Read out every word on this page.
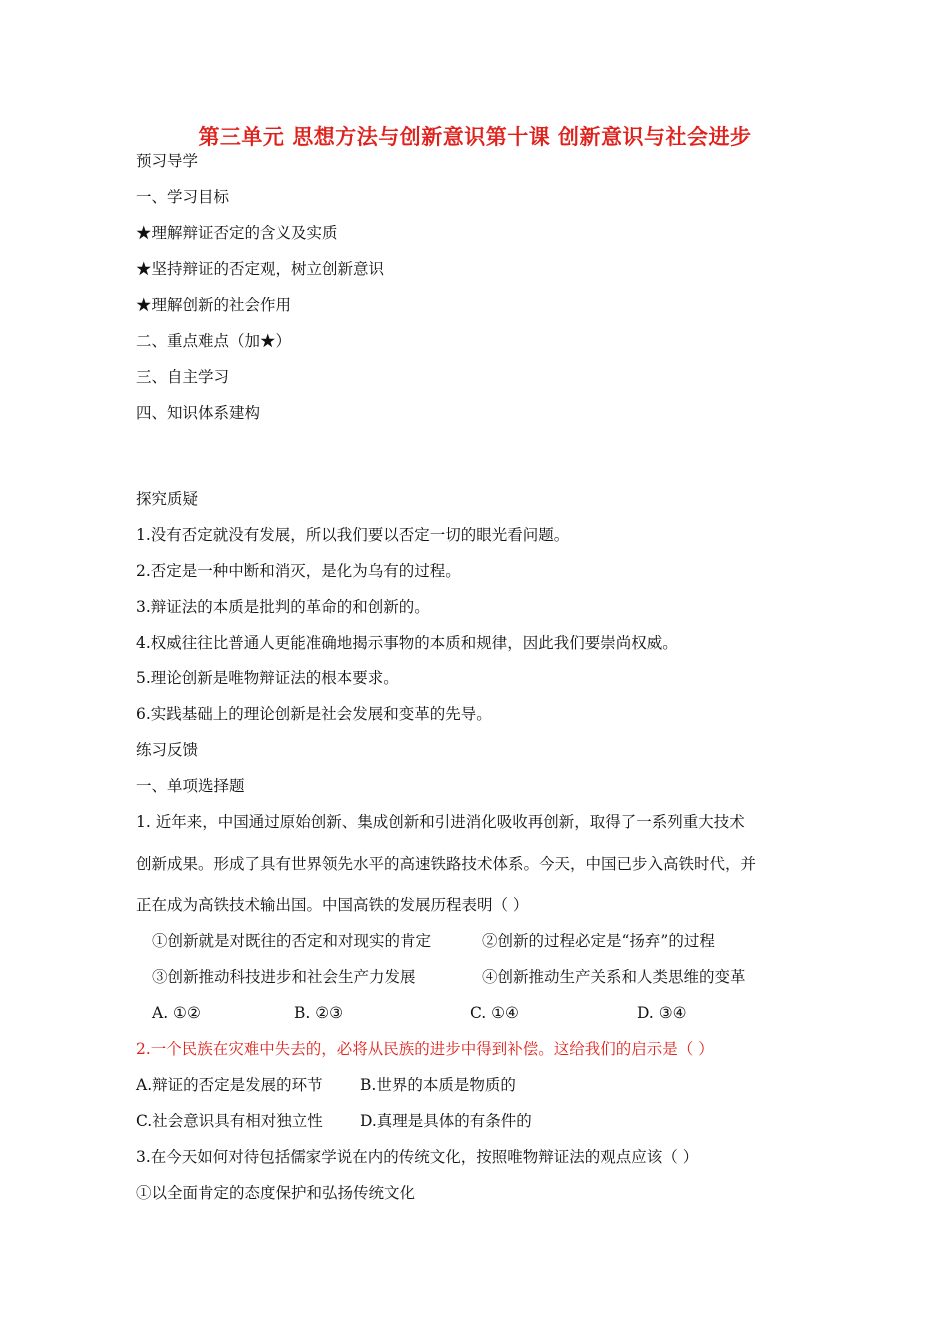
第三单元 思想方法与创新意识第十课 创新意识与社会进步
预习导学
一、学习目标
★理解辩证否定的含义及实质
★坚持辩证的否定观，树立创新意识
★理解创新的社会作用
二、重点难点（加★）
三、自主学习
四、知识体系建构
探究质疑
1.没有否定就没有发展，所以我们要以否定一切的眼光看问题。
2.否定是一种中断和消灭，是化为乌有的过程。
3.辩证法的本质是批判的革命的和创新的。
4.权威往往比普通人更能准确地揭示事物的本质和规律，因此我们要崇尚权威。
5.理论创新是唯物辩证法的根本要求。
6.实践基础上的理论创新是社会发展和变革的先导。
练习反馈
一、单项选择题
1. 近年来，中国通过原始创新、集成创新和引进消化吸收再创新，取得了一系列重大技术
创新成果。形成了具有世界领先水平的高速铁路技术体系。今天，中国已步入高铁时代，并
正在成为高铁技术输出国。中国高铁的发展历程表明（ ）
①创新就是对既往的否定和对现实的肯定	②创新的过程必定是“扬弃”的过程
③创新推动科技进步和社会生产力发展	④创新推动生产关系和人类思维的变革
A. ①②	B. ②③	C. ①④	D. ③④
2.一个民族在灾难中失去的，必将从民族的进步中得到补偿。这给我们的启示是（ ）
A.辩证的否定是发展的环节 B.世界的本质是物质的
C.社会意识具有相对独立性 D.真理是具体的有条件的
3.在今天如何对待包括儒家学说在内的传统文化，按照唯物辩证法的观点应该（ ）
①以全面肯定的态度保护和弘扬传统文化
